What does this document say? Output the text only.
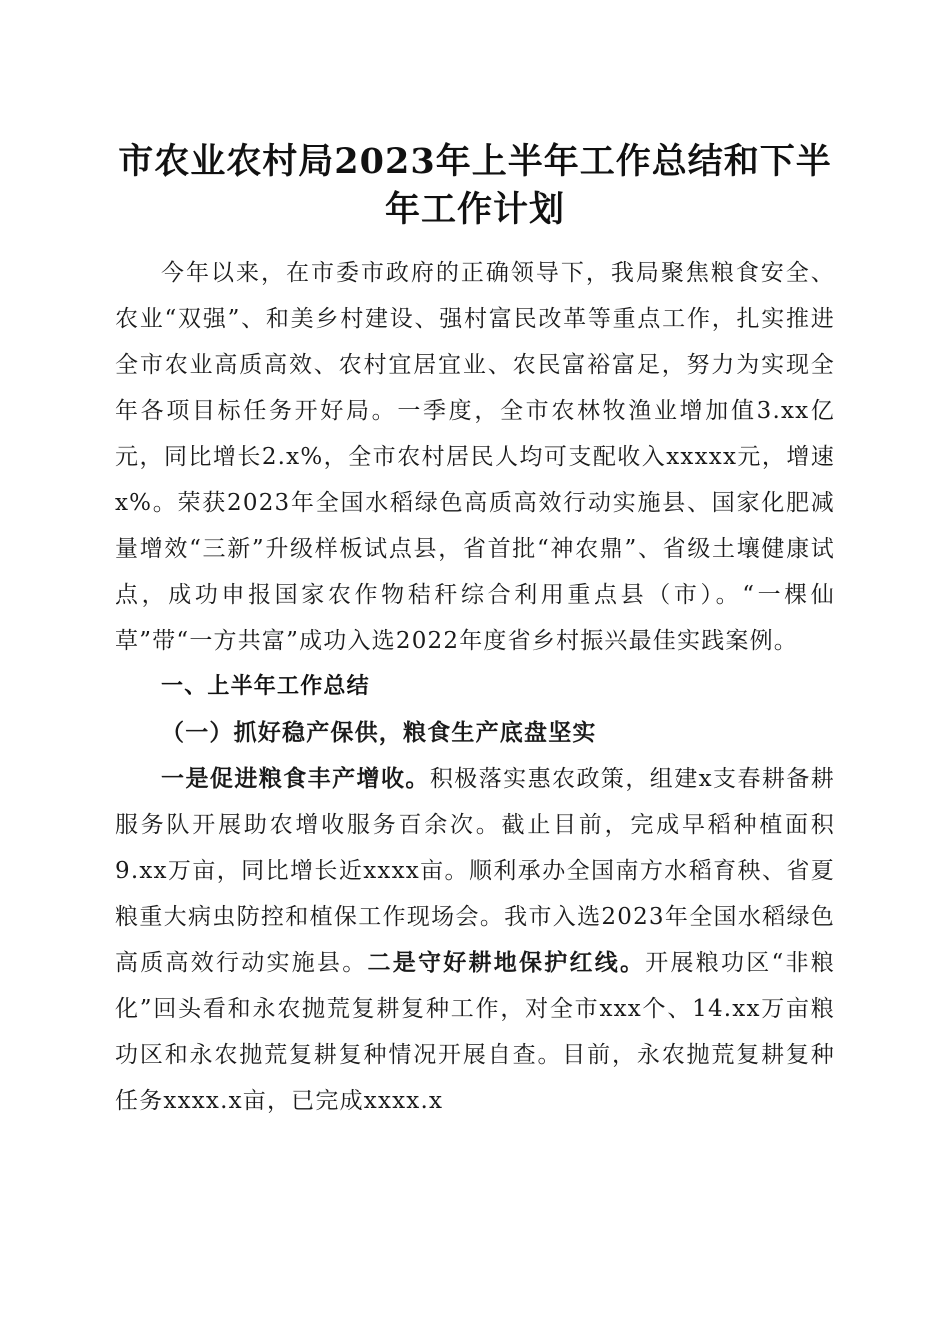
市农业农村局2023年上半年工作总结和下半
年工作计划

今年以来，在市委市政府的正确领导下，我局聚焦粮食安全、农业“双强”、和美乡村建设、强村富民改革等重点工作，扎实推进全市农业高质高效、农村宜居宜业、农民富裕富足，努力为实现全年各项目标任务开好局。一季度，全市农林牧渔业增加值3.xx亿元，同比增长2.x%，全市农村居民人均可支配收入xxxxx元，增速x%。荣获2023年全国水稻绿色高质高效行动实施县、国家化肥减量增效“三新”升级样板试点县，省首批“神农鼎”、省级土壤健康试点，成功申报国家农作物秸秆综合利用重点县（市）。“一棵仙草”带“一方共富”成功入选2022年度省乡村振兴最佳实践案例。

一、上半年工作总结

（一）抓好稳产保供，粮食生产底盘坚实

一是促进粮食丰产增收。积极落实惠农政策，组建x支春耕备耕服务队开展助农增收服务百余次。截止目前，完成早稻种植面积9.xx万亩，同比增长近xxxx亩。顺利承办全国南方水稻育秧、省夏粮重大病虫防控和植保工作现场会。我市入选2023年全国水稻绿色高质高效行动实施县。二是守好耕地保护红线。开展粮功区“非粮化”回头看和永农抛荒复耕复种工作，对全市xxx个、14.xx万亩粮功区和永农抛荒复耕复种情况开展自查。目前，永农抛荒复耕复种任务xxxx.x亩，已完成xxxx.x
